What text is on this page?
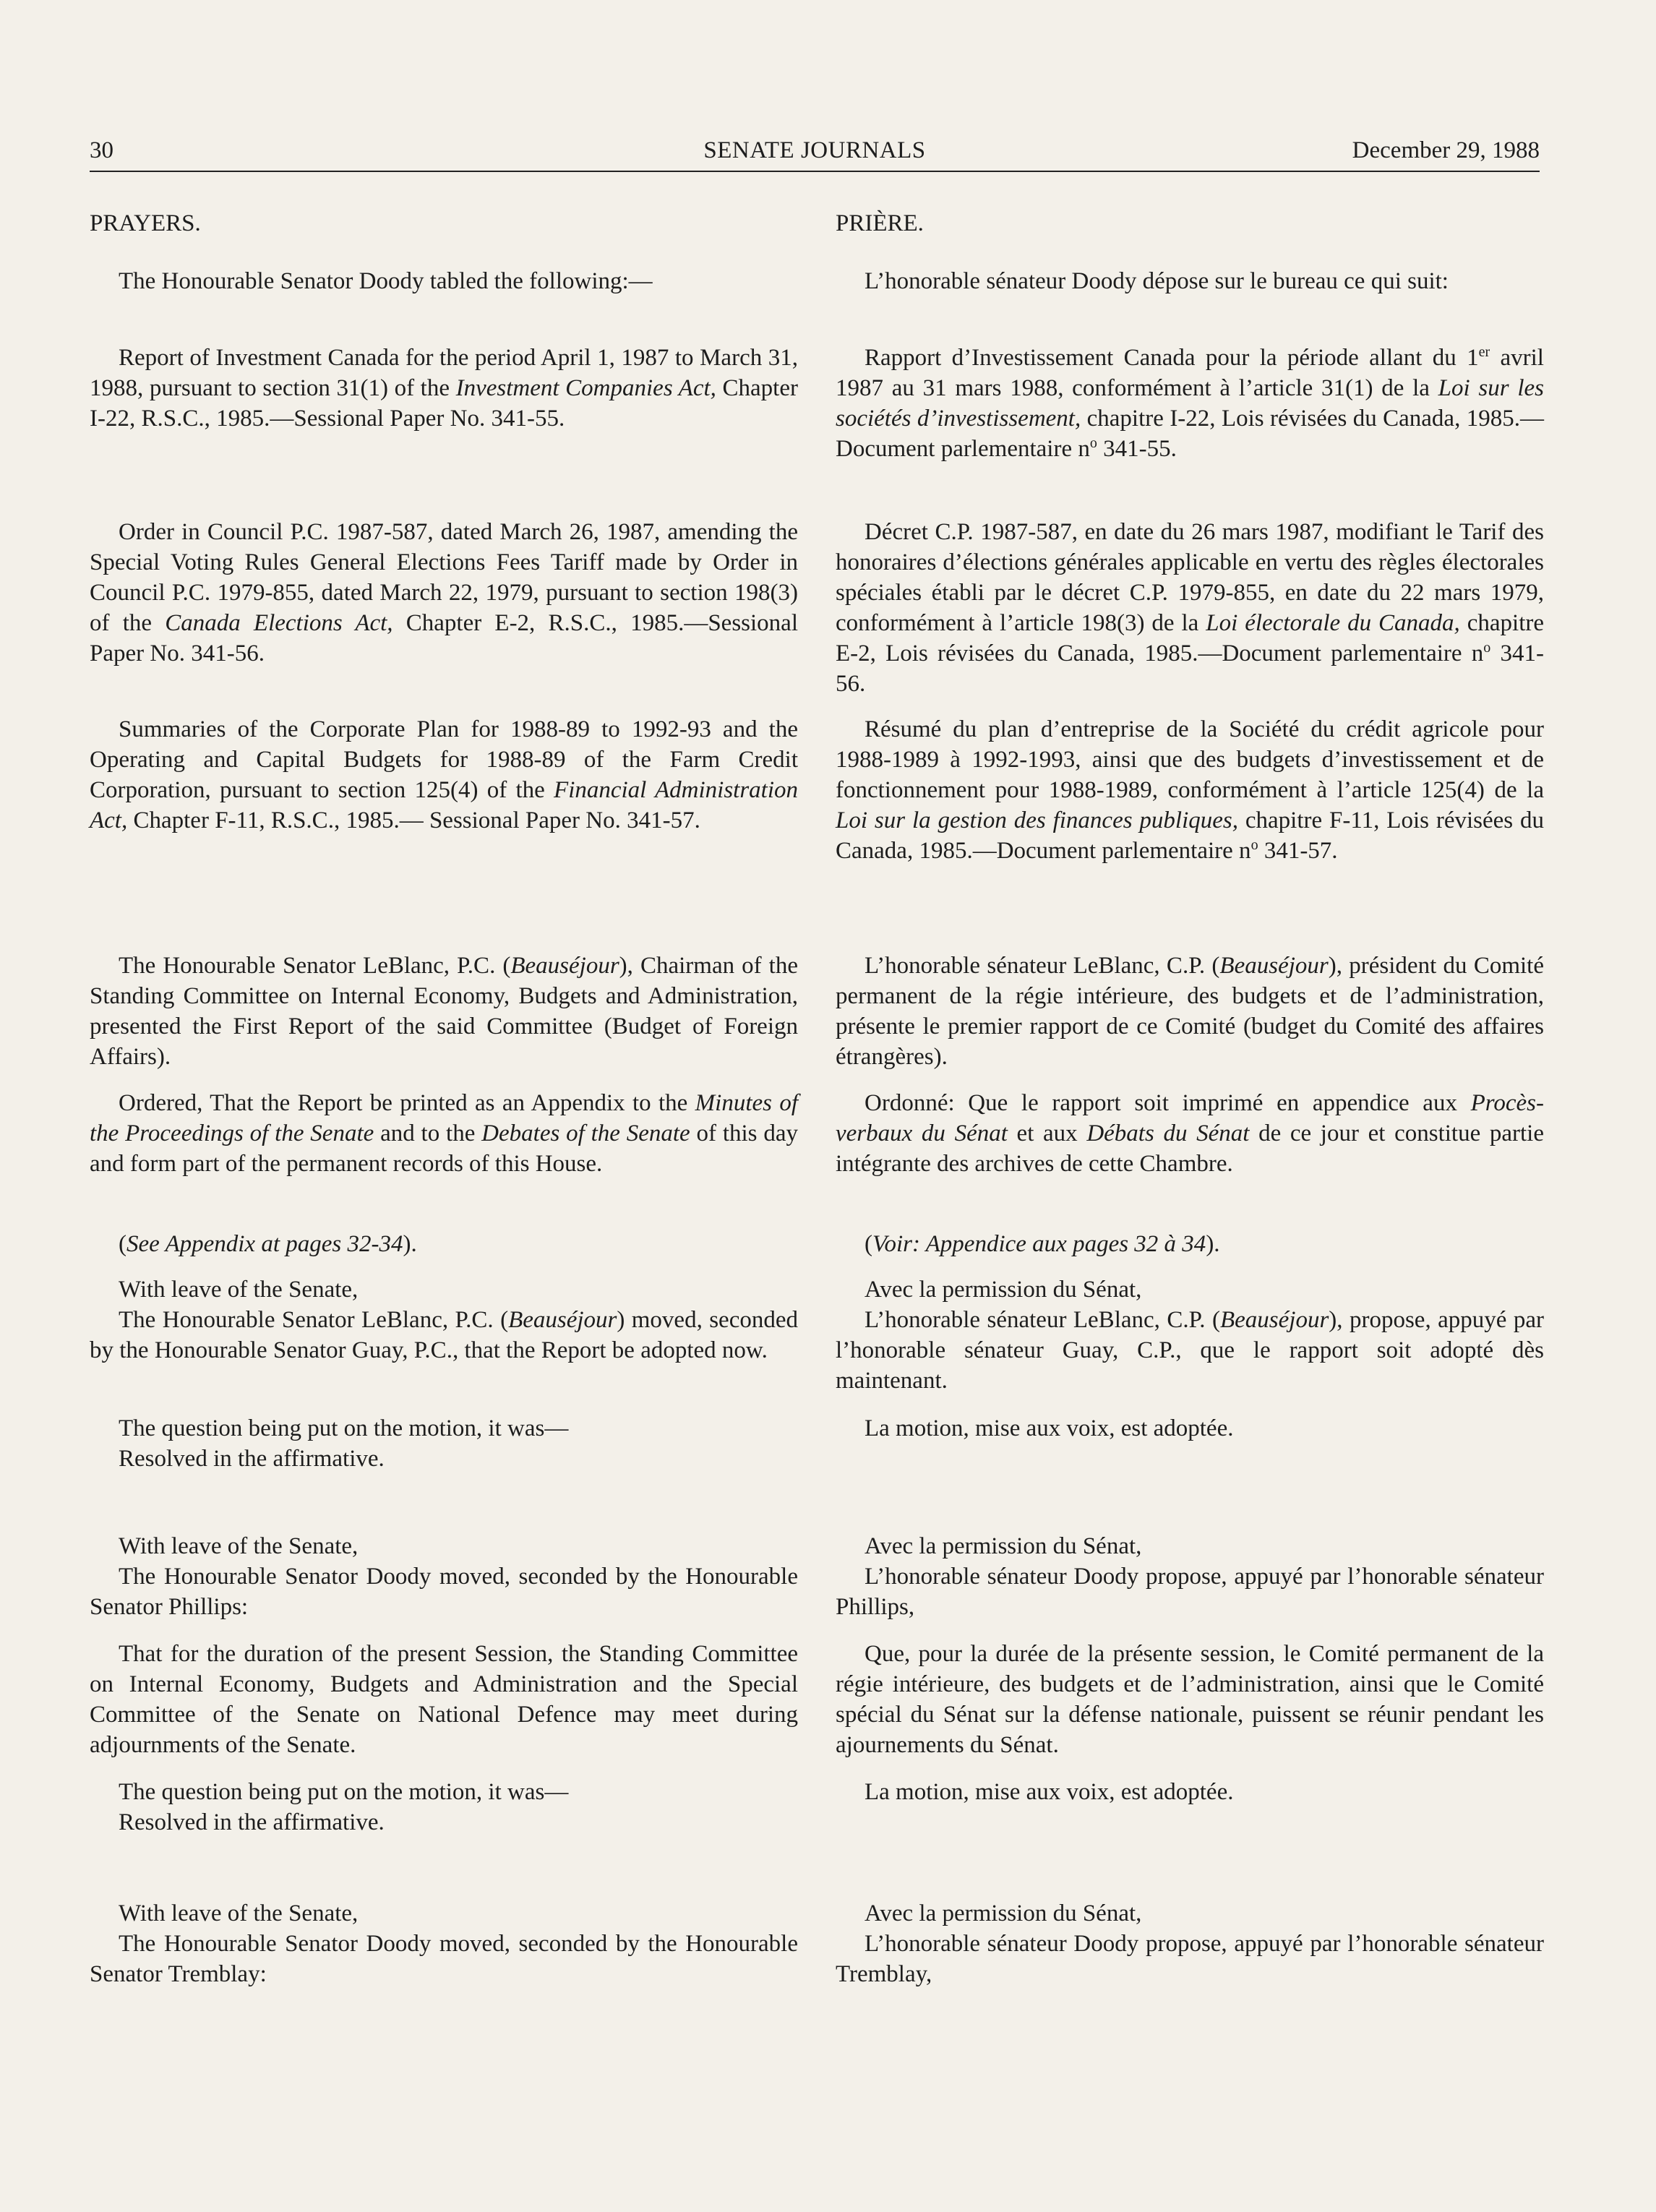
30	SENATE JOURNALS	December 29, 1988
PRAYERS.
The Honourable Senator Doody tabled the following:—
Report of Investment Canada for the period April 1, 1987 to March 31, 1988, pursuant to section 31(1) of the Investment Companies Act, Chapter I-22, R.S.C., 1985.—Sessional Paper No. 341-55.
Order in Council P.C. 1987-587, dated March 26, 1987, amending the Special Voting Rules General Elections Fees Tariff made by Order in Council P.C. 1979-855, dated March 22, 1979, pursuant to section 198(3) of the Canada Elections Act, Chapter E-2, R.S.C., 1985.—Sessional Paper No. 341-56.
Summaries of the Corporate Plan for 1988-89 to 1992-93 and the Operating and Capital Budgets for 1988-89 of the Farm Credit Corporation, pursuant to section 125(4) of the Financial Administration Act, Chapter F-11, R.S.C., 1985.— Sessional Paper No. 341-57.
The Honourable Senator LeBlanc, P.C. (Beauséjour), Chairman of the Standing Committee on Internal Economy, Budgets and Administration, presented the First Report of the said Committee (Budget of Foreign Affairs).
Ordered, That the Report be printed as an Appendix to the Minutes of the Proceedings of the Senate and to the Debates of the Senate of this day and form part of the permanent records of this House.
(See Appendix at pages 32-34).
With leave of the Senate,
The Honourable Senator LeBlanc, P.C. (Beauséjour) moved, seconded by the Honourable Senator Guay, P.C., that the Report be adopted now.
The question being put on the motion, it was—
Resolved in the affirmative.
With leave of the Senate,
The Honourable Senator Doody moved, seconded by the Honourable Senator Phillips:
That for the duration of the present Session, the Standing Committee on Internal Economy, Budgets and Administration and the Special Committee of the Senate on National Defence may meet during adjournments of the Senate.
The question being put on the motion, it was—
Resolved in the affirmative.
With leave of the Senate,
The Honourable Senator Doody moved, seconded by the Honourable Senator Tremblay:
PRIÈRE.
L’honorable sénateur Doody dépose sur le bureau ce qui suit:
Rapport d’Investissement Canada pour la période allant du 1er avril 1987 au 31 mars 1988, conformément à l’article 31(1) de la Loi sur les sociétés d’investissement, chapitre I-22, Lois révisées du Canada, 1985.—Document parlementaire $n^o$ 341-55.
Décret C.P. 1987-587, en date du 26 mars 1987, modifiant le Tarif des honoraires d’élections générales applicable en vertu des règles électorales spéciales établi par le décret C.P. 1979-855, en date du 22 mars 1979, conformément à l’article 198(3) de la Loi électorale du Canada, chapitre E-2, Lois révisées du Canada, 1985.—Document parlementaire $n^o$ 341-56.
Résumé du plan d’entreprise de la Société du crédit agricole pour 1988-1989 à 1992-1993, ainsi que des budgets d’investissement et de fonctionnement pour 1988-1989, conformément à l’article 125(4) de la Loi sur la gestion des finances publiques, chapitre F-11, Lois révisées du Canada, 1985.—Document parlementaire $n^o$ 341-57.
L’honorable sénateur LeBlanc, C.P. (Beauséjour), président du Comité permanent de la régie intérieure, des budgets et de l’administration, présente le premier rapport de ce Comité (budget du Comité des affaires étrangères).
Ordonné: Que le rapport soit imprimé en appendice aux Procès-verbaux du Sénat et aux Débats du Sénat de ce jour et constitue partie intégrante des archives de cette Chambre.
(Voir: Appendice aux pages 32 à 34).
Avec la permission du Sénat,
L’honorable sénateur LeBlanc, C.P. (Beauséjour), propose, appuyé par l’honorable sénateur Guay, C.P., que le rapport soit adopté dès maintenant.
La motion, mise aux voix, est adoptée.
Avec la permission du Sénat,
L’honorable sénateur Doody propose, appuyé par l’honorable sénateur Phillips,
Que, pour la durée de la présente session, le Comité permanent de la régie intérieure, des budgets et de l’administration, ainsi que le Comité spécial du Sénat sur la défense nationale, puissent se réunir pendant les ajournements du Sénat.
La motion, mise aux voix, est adoptée.
Avec la permission du Sénat,
L’honorable sénateur Doody propose, appuyé par l’honorable sénateur Tremblay,
